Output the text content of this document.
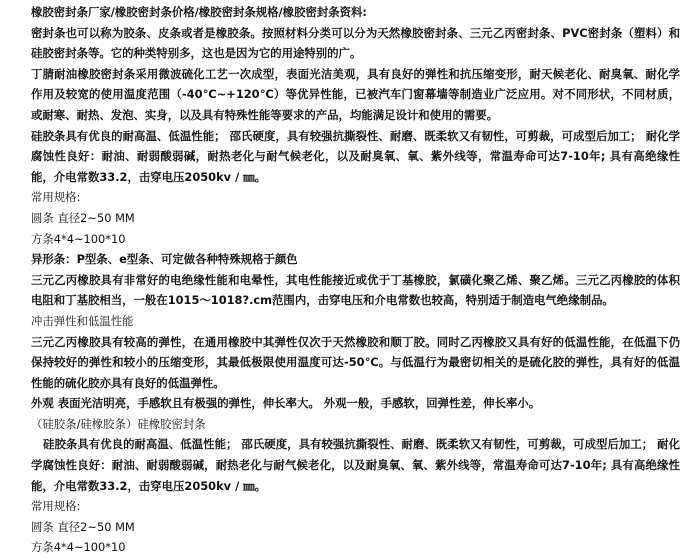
橡胶密封条厂家/橡胶密封条价格/橡胶密封条规格/橡胶密封条资料:

密封条也可以称为胶条、皮条或者是橡胶条。按照材料分类可以分为天然橡胶密封条、三元乙丙密封条、PVC密封条（塑料）和硅胶密封条等。它的种类特别多，这也是因为它的用途特别的广。

丁腈耐油橡胶密封条采用微波硫化工艺一次成型，表面光洁美观，具有良好的弹性和抗压缩变形，耐天候老化、耐臭氧、耐化学作用及较宽的使用温度范围（-40℃~+120℃）等优异性能，已被汽车门窗幕墙等制造业广泛应用。对不同形状，不同材质，或耐寒、耐热、发泡、实身，以及具有特殊性能等要求的产品，均能满足设计和使用的需要。

硅胶条具有优良的耐高温、低温性能； 邵氏硬度，具有较强抗撕裂性、耐磨、既柔软又有韧性，可剪裁，可成型后加工； 耐化学腐蚀性良好：耐油、耐弱酸弱碱，耐热老化与耐气候老化，以及耐臭氧、氧、紫外线等，常温寿命可达7-10年; 具有高绝缘性能，介电常数33.2，击穿电压2050kv / ㎜。

常用规格:

圆条 直径2~50 MM

方条4*4~100*10

异形条：P型条、e型条、可定做各种特殊规格于颜色

三元乙丙橡胶具有非常好的电绝缘性能和电晕性，其电性能接近或优于丁基橡胶，氯磺化聚乙烯、聚乙烯。三元乙丙橡胶的体积电阻和丁基胶相当，一般在1015～1018?.cm范围内，击穿电压和介电常数也较高，特别适于制造电气绝缘制品。

冲击弹性和低温性能

三元乙丙橡胶具有较高的弹性，在通用橡胶中其弹性仅次于天然橡胶和顺丁胶。同时乙丙橡胶又具有好的低温性能，在低温下仍保持较好的弹性和较小的压缩变形，其最低极限使用温度可达-50℃。与低温行为最密切相关的是硫化胶的弹性，具有好的低温性能的硫化胶亦具有良好的低温弹性。

外观 表面光洁明亮，手感软且有极强的弹性，伸长率大。 外观一般，手感软，回弹性差，伸长率小。

（硅胶条/硅橡胶条）硅橡胶密封条

硅胶条具有优良的耐高温、低温性能； 邵氏硬度，具有较强抗撕裂性、耐磨、既柔软又有韧性，可剪裁，可成型后加工； 耐化学腐蚀性良好：耐油、耐弱酸弱碱，耐热老化与耐气候老化，以及耐臭氧、氧、紫外线等，常温寿命可达7-10年; 具有高绝缘性能，介电常数33.2，击穿电压2050kv / ㎜。

常用规格:

圆条 直径2~50 MM

方条4*4~100*10
